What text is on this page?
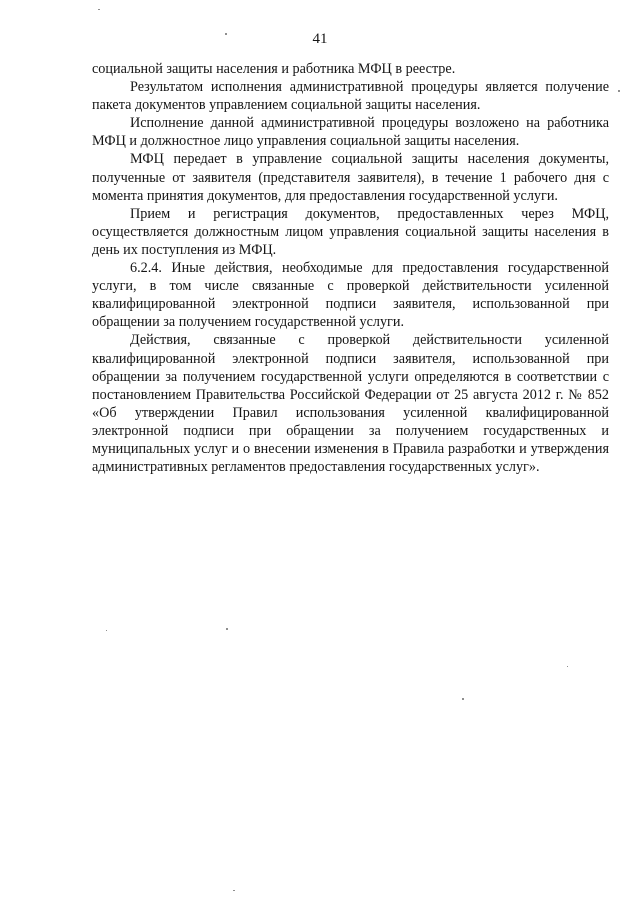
41

социальной защиты населения и работника МФЦ в реестре.

Результатом исполнения административной процедуры является получение пакета документов управлением социальной защиты населения.

Исполнение данной административной процедуры возложено на работника МФЦ и должностное лицо управления социальной защиты населения.

МФЦ передает в управление социальной защиты населения документы, полученные от заявителя (представителя заявителя), в течение 1 рабочего дня с момента принятия документов, для предоставления государственной услуги.

Прием и регистрация документов, предоставленных через МФЦ, осуществляется должностным лицом управления социальной защиты населения в день их поступления из МФЦ.

6.2.4. Иные действия, необходимые для предоставления государственной услуги, в том числе связанные с проверкой действительности усиленной квалифицированной электронной подписи заявителя, использованной при обращении за получением государственной услуги.

Действия, связанные с проверкой действительности усиленной квалифицированной электронной подписи заявителя, использованной при обращении за получением государственной услуги определяются в соответствии с постановлением Правительства Российской Федерации от 25 августа 2012 г. № 852 «Об утверждении Правил использования усиленной квалифицированной электронной подписи при обращении за получением государственных и муниципальных услуг и о внесении изменения в Правила разработки и утверждения административных регламентов предоставления государственных услуг».
